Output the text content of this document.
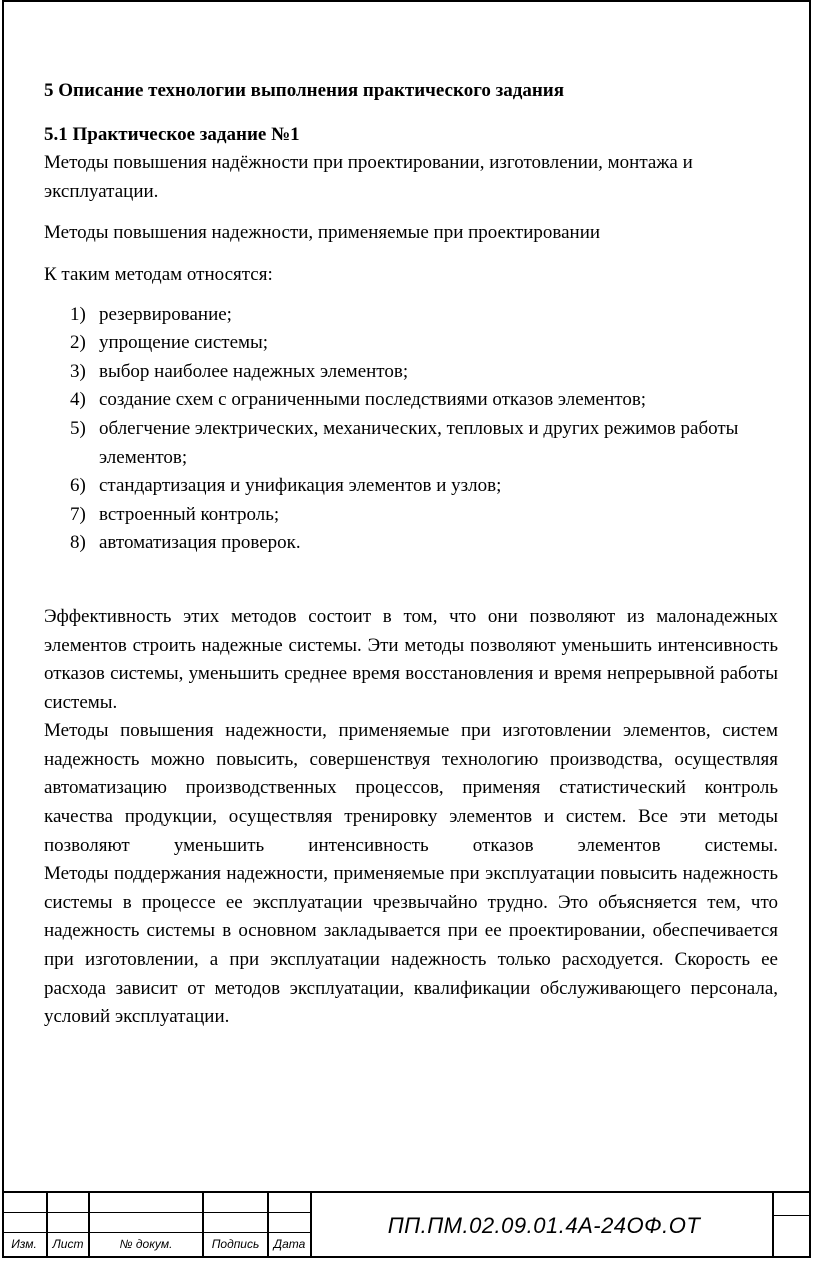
5 Описание технологии выполнения практического задания

5.1 Практическое задание №1

Методы повышения надёжности при проектировании, изготовлении, монтажа и эксплуатации.

Методы повышения надежности, применяемые при проектировании

К таким методам относятся:

1) резервирование;
2) упрощение системы;
3) выбор наиболее надежных элементов;
4) создание схем с ограниченными последствиями отказов элементов;
5) облегчение электрических, механических, тепловых и других режимов работы элементов;
6) стандартизация и унификация элементов и узлов;
7) встроенный контроль;
8) автоматизация проверок.

Эффективность этих методов состоит в том, что они позволяют из малонадежных элементов строить надежные системы. Эти методы позволяют уменьшить интенсивность отказов системы, уменьшить среднее время восстановления и время непрерывной работы системы.

Методы повышения надежности, применяемые при изготовлении элементов, систем надежность можно повысить, совершенствуя технологию производства, осуществляя автоматизацию производственных процессов, применяя статистический контроль качества продукции, осуществляя тренировку элементов и систем. Все эти методы позволяют уменьшить интенсивность отказов элементов системы.

Методы поддержания надежности, применяемые при эксплуатации повысить надежность системы в процессе ее эксплуатации чрезвычайно трудно. Это объясняется тем, что надежность системы в основном закладывается при ее проектировании, обеспечивается при изготовлении, а при эксплуатации надежность только расходуется. Скорость ее расхода зависит от методов эксплуатации, квалификации обслуживающего персонала, условий эксплуатации.

Изм.	Лист	№ докум.	Подпись	Дата
ПП.ПМ.02.09.01.4А-24ОФ.ОТ
